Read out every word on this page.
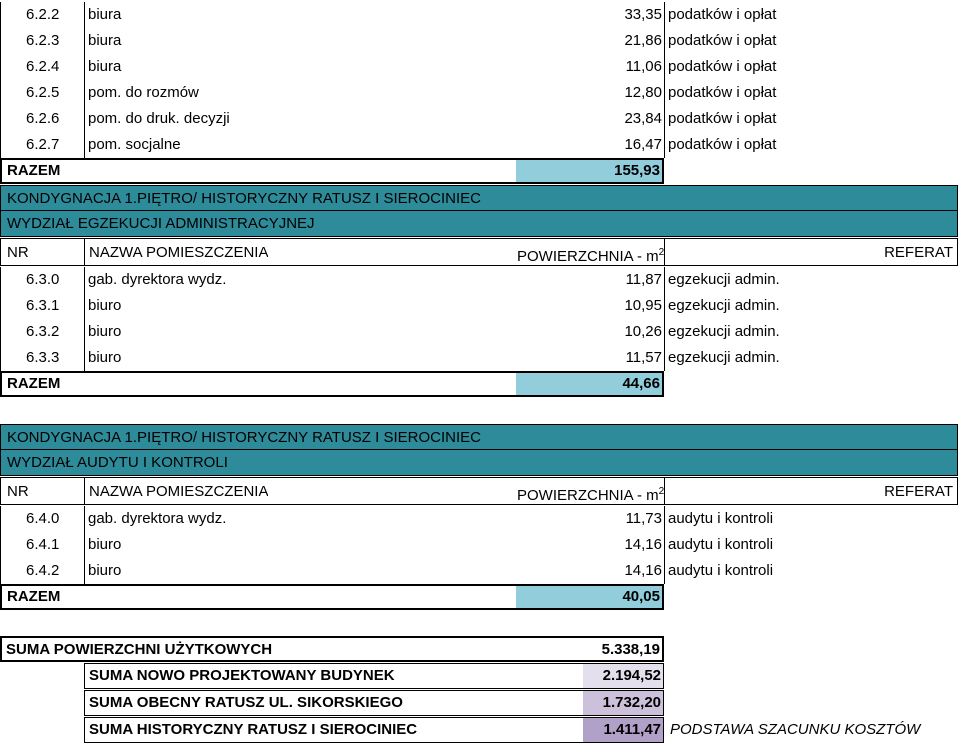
6.2.2	biura	33,35 podatków i opłat
6.2.3	biura	21,86 podatków i opłat
6.2.4	biura	11,06 podatków i opłat
6.2.5	pom. do rozmów	12,80 podatków i opłat
6.2.6	pom. do druk. decyzji	23,84 podatków i opłat
6.2.7	pom. socjalne	16,47 podatków i opłat
RAZEM	155,93
KONDYGNACJA 1.PIĘTRO/ HISTORYCZNY RATUSZ I SIEROCINIEC
WYDZIAŁ EGZEKUCJI ADMINISTRACYJNEJ
NR	NAZWA POMIESZCZENIA	POWIERZCHNIA - $m^2$	REFERAT
6.3.0	gab. dyrektora wydz.	11,87 egzekucji admin.
6.3.1	biuro	10,95 egzekucji admin.
6.3.2	biuro	10,26 egzekucji admin.
6.3.3	biuro	11,57 egzekucji admin.
RAZEM	44,66
KONDYGNACJA 1.PIĘTRO/ HISTORYCZNY RATUSZ I SIEROCINIEC
WYDZIAŁ AUDYTU I KONTROLI
NR	NAZWA POMIESZCZENIA	POWIERZCHNIA - $m^2$	REFERAT
6.4.0	gab. dyrektora wydz.	11,73 audytu i kontroli
6.4.1	biuro	14,16 audytu i kontroli
6.4.2	biuro	14,16 audytu i kontroli
RAZEM	40,05
SUMA POWIERZCHNI UŻYTKOWYCH	5.338,19
SUMA NOWO PROJEKTOWANY BUDYNEK	2.194,52
SUMA OBECNY RATUSZ UL. SIKORSKIEGO	1.732,20
SUMA HISTORYCZNY RATUSZ I SIEROCINIEC	1.411,47 PODSTAWA SZACUNKU KOSZTÓW
